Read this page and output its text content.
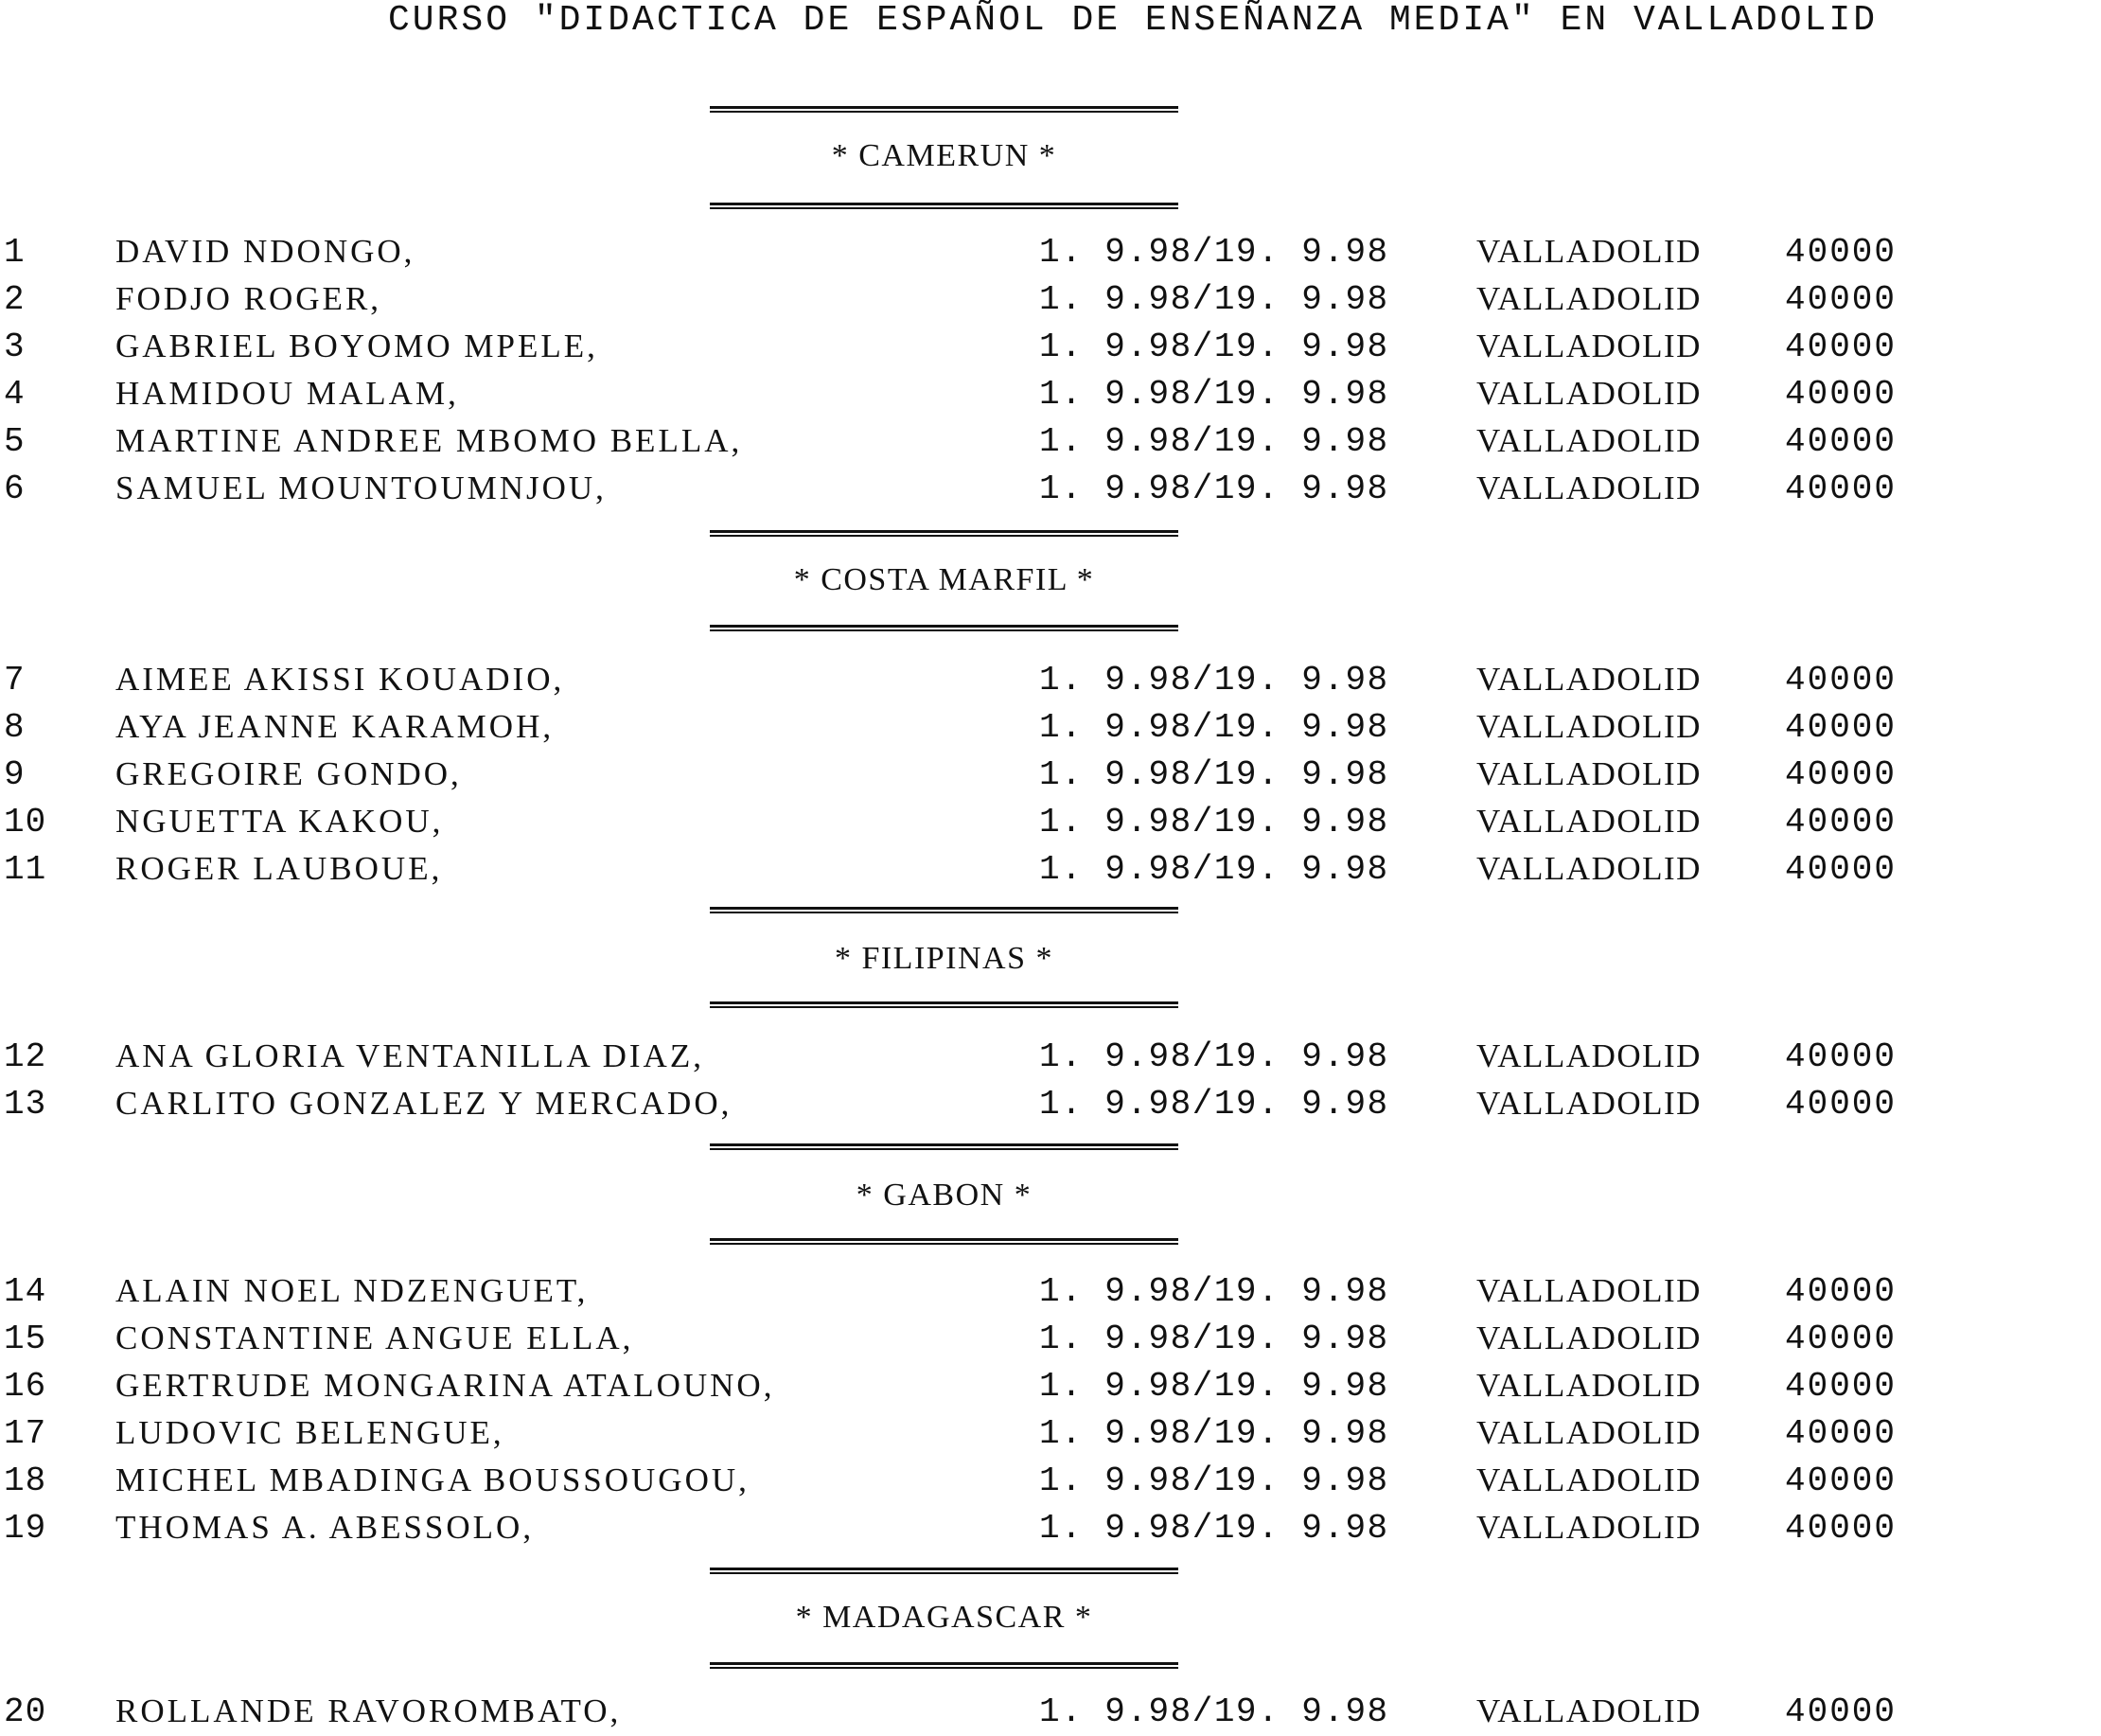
CURSO "DIDACTICA DE ESPAÑOL DE ENSEÑANZA MEDIA" EN VALLADOLID
* CAMERUN *
1	DAVID NDONGO,	1. 9.98/19. 9.98	VALLADOLID 40000
2	FODJO ROGER,	1. 9.98/19. 9.98	VALLADOLID 40000
3	GABRIEL BOYOMO MPELE,	1. 9.98/19. 9.98	VALLADOLID 40000
4	HAMIDOU MALAM,	1. 9.98/19. 9.98	VALLADOLID 40000
5	MARTINE ANDREE MBOMO BELLA,	1. 9.98/19. 9.98	VALLADOLID 40000
6	SAMUEL MOUNTOUMNJOU,	1. 9.98/19. 9.98	VALLADOLID 40000
* COSTA MARFIL *
7	AIMEE AKISSI KOUADIO,	1. 9.98/19. 9.98	VALLADOLID 40000
8	AYA JEANNE KARAMOH,	1. 9.98/19. 9.98	VALLADOLID 40000
9	GREGOIRE GONDO,	1. 9.98/19. 9.98	VALLADOLID 40000
10 NGUETTA KAKOU,	1. 9.98/19. 9.98	VALLADOLID 40000
11 ROGER LAUBOUE,	1. 9.98/19. 9.98	VALLADOLID 40000
* FILIPINAS *
12 ANA GLORIA VENTANILLA DIAZ,	1. 9.98/19. 9.98	VALLADOLID 40000
13 CARLITO GONZALEZ Y MERCADO,	1. 9.98/19. 9.98	VALLADOLID 40000
* GABON *
14 ALAIN NOEL NDZENGUET,	1. 9.98/19. 9.98	VALLADOLID 40000
15 CONSTANTINE ANGUE ELLA,	1. 9.98/19. 9.98	VALLADOLID 40000
16 GERTRUDE MONGARINA ATALOUNO,	1. 9.98/19. 9.98	VALLADOLID 40000
17 LUDOVIC BELENGUE,	1. 9.98/19. 9.98	VALLADOLID 40000
18 MICHEL MBADINGA BOUSSOUGOU,	1. 9.98/19. 9.98	VALLADOLID 40000
19 THOMAS A. ABESSOLO,	1. 9.98/19. 9.98	VALLADOLID 40000
* MADAGASCAR *
20 ROLLANDE RAVOROMBATO,	1. 9.98/19. 9.98	VALLADOLID 40000
